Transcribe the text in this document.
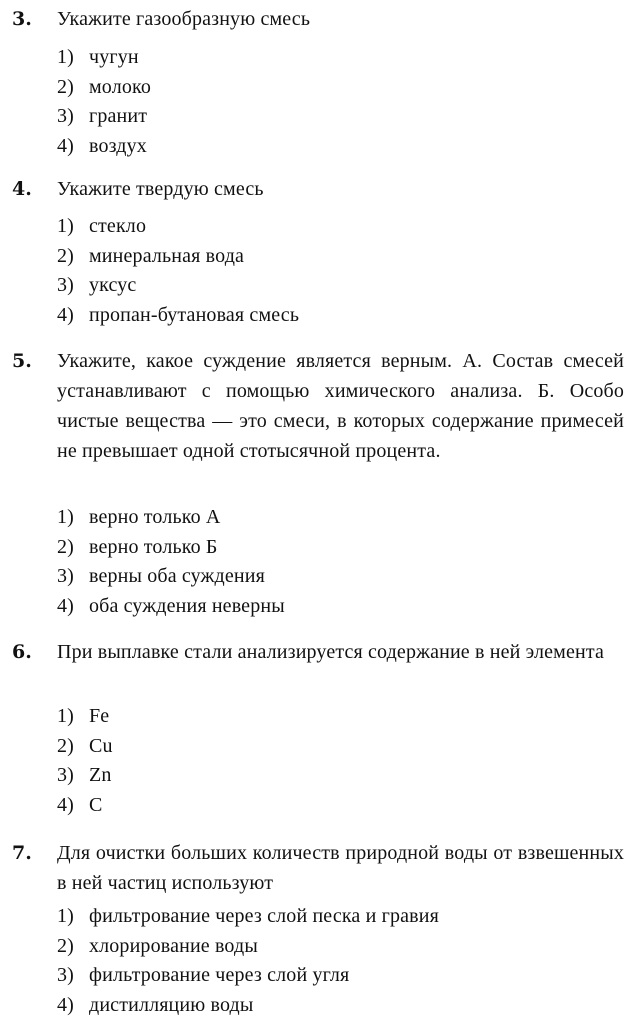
3. Укажите газообразную смесь
1) чугун
2) молоко
3) гранит
4) воздух
4. Укажите твердую смесь
1) стекло
2) минеральная вода
3) уксус
4) пропан-бутановая смесь
5. Укажите, какое суждение является верным. А. Состав смесей устанавливают с помощью химического анализа. Б. Особо чистые вещества — это смеси, в которых содержание примесей не превышает одной стотысячной процента.
1) верно только А
2) верно только Б
3) верны оба суждения
4) оба суждения неверны
6. При выплавке стали анализируется содержание в ней элемента
1) Fe
2) Cu
3) Zn
4) C
7. Для очистки больших количеств природной воды от взвешенных в ней частиц используют
1) фильтрование через слой песка и гравия
2) хлорирование воды
3) фильтрование через слой угля
4) дистилляцию воды
